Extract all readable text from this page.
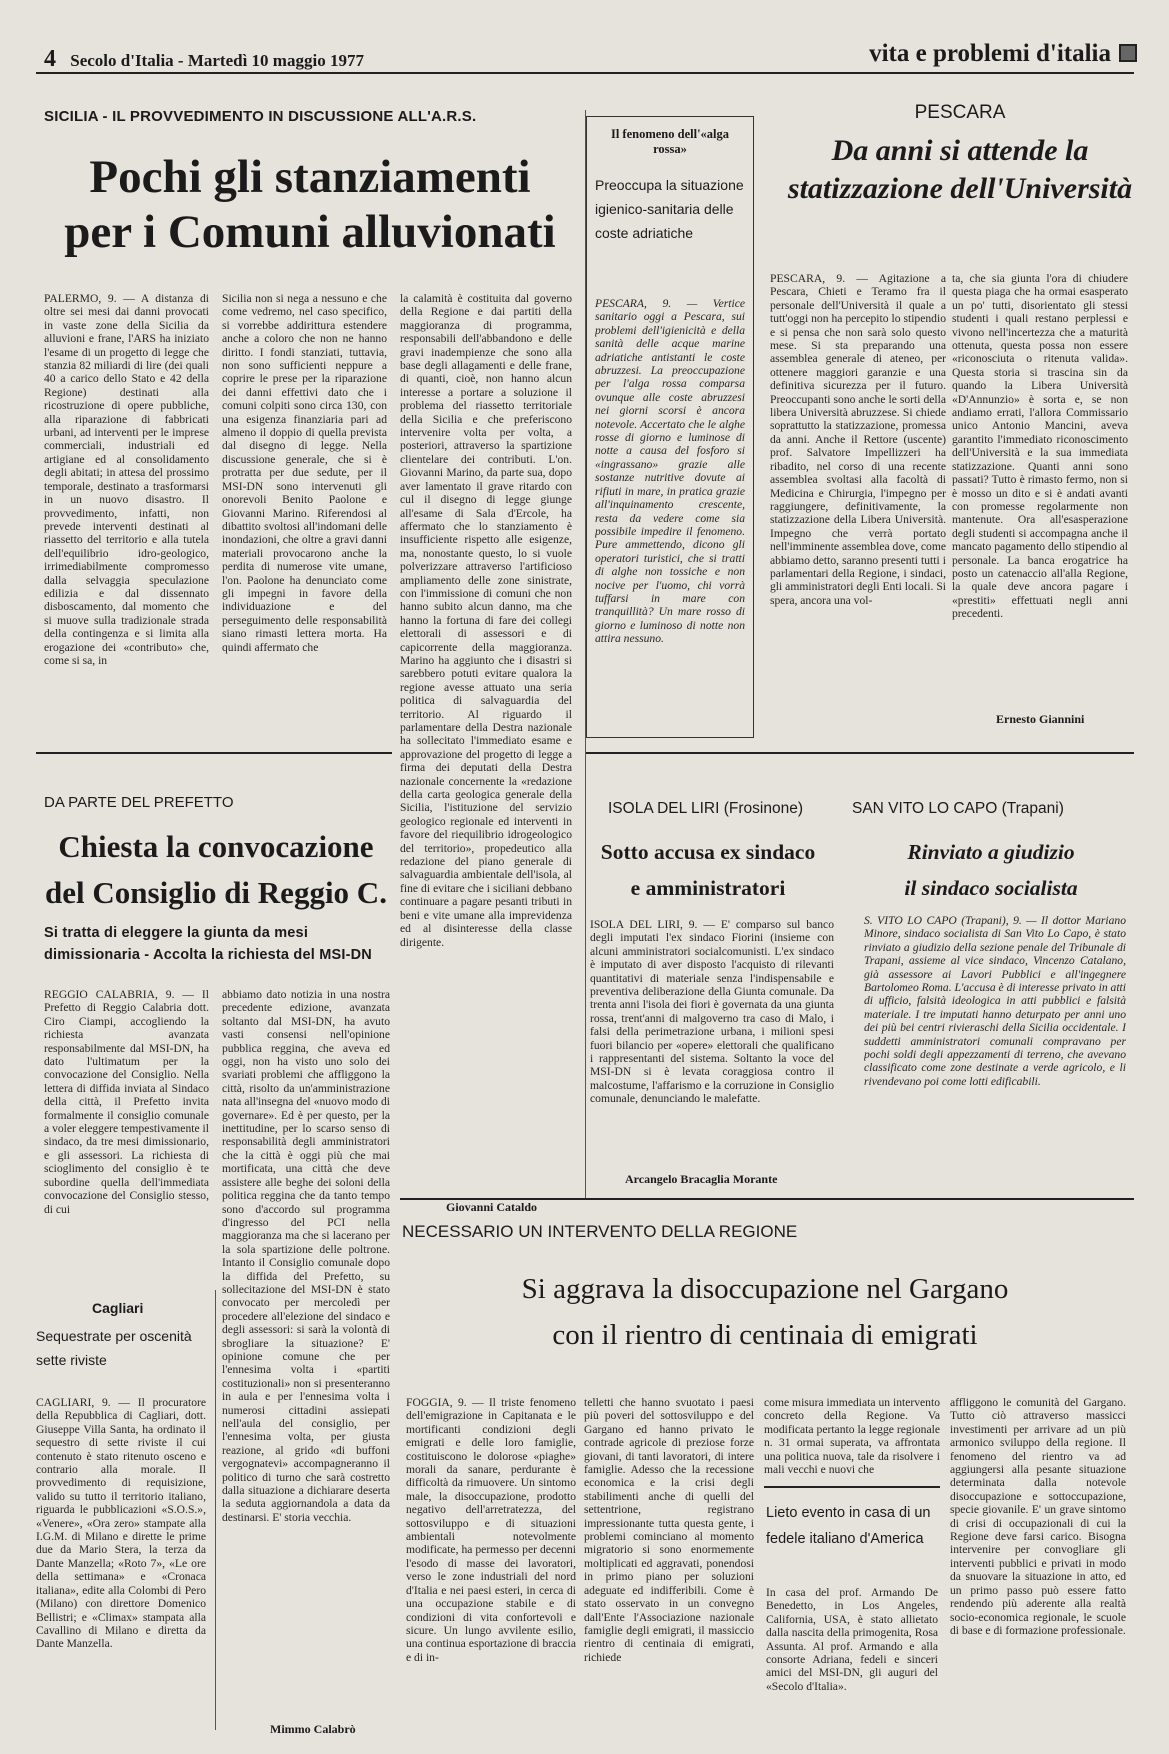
4 Secolo d'Italia - Martedì 10 maggio 1977	vita e problemi d'italia
SICILIA - IL PROVVEDIMENTO IN DISCUSSIONE ALL'A.R.S.
Pochi gli stanziamenti
per i Comuni alluvionati
PALERMO, 9. — A distanza di oltre sei mesi dai danni provocati in vaste zone della Sicilia da alluvioni e frane, l'ARS ha iniziato l'esame di un progetto di legge che stanzia 82 miliardi di lire (dei quali 40 a carico dello Stato e 42 della Regione) destinati alla ricostruzione di opere pubbliche, alla riparazione di fabbricati urbani, ad interventi per le imprese commerciali, industriali ed artigiane ed al consolidamento degli abitati; in attesa del prossimo temporale, destinato a trasformarsi in un nuovo disastro. Il provvedimento, infatti, non prevede interventi destinati al riassetto del territorio e alla tutela dell'equilibrio idro-geologico, irrimediabilmente compromesso dalla selvaggia speculazione edilizia e dal dissennato disboscamento, dal momento che si muove sulla tradizionale strada della contingenza e si limita alla erogazione dei «contributo» che, come si sa, in
Sicilia non si nega a nessuno e che come vedremo, nel caso specifico, si vorrebbe addirittura estendere anche a coloro che non ne hanno diritto. I fondi stanziati, tuttavia, non sono sufficienti neppure a coprire le prese per la riparazione dei danni effettivi dato che i comuni colpiti sono circa 130, con una esigenza finanziaria pari ad almeno il doppio di quella prevista dal disegno di legge. Nella discussione generale, che si è protratta per due sedute, per il MSI-DN sono intervenuti gli onorevoli Benito Paolone e Giovanni Marino. Riferendosi al dibattito svoltosi all'indomani delle inondazioni, che oltre a gravi danni materiali provocarono anche la perdita di numerose vite umane, l'on. Paolone ha denunciato come gli impegni in favore della individuazione e del perseguimento delle responsabilità siano rimasti lettera morta. Ha quindi affermato che
la calamità è costituita dal governo della Regione e dai partiti della maggioranza di programma, responsabili dell'abbandono e delle gravi inadempienze che sono alla base degli allagamenti e delle frane, di quanti, cioè, non hanno alcun interesse a portare a soluzione il problema del riassetto territoriale della Sicilia e che preferiscono intervenire volta per volta, a posteriori, attraverso la spartizione clientelare dei contributi. L'on. Giovanni Marino, da parte sua, dopo aver lamentato il grave ritardo con cul il disegno di legge giunge all'esame di Sala d'Ercole, ha affermato che lo stanziamento è insufficiente rispetto alle esigenze, ma, nonostante questo, lo si vuole polverizzare attraverso l'artificioso ampliamento delle zone sinistrate, con l'immissione di comuni che non hanno subito alcun danno, ma che hanno la fortuna di fare dei collegi elettorali di assessori e di capicorrente della maggioranza. Marino ha aggiunto che i disastri si sarebbero potuti evitare qualora la regione avesse attuato una seria politica di salvaguardia del territorio. Al riguardo il parlamentare della Destra nazionale ha sollecitato l'immediato esame e approvazione del progetto di legge a firma dei deputati della Destra nazionale concernente la «redazione della carta geologica generale della Sicilia, l'istituzione del servizio geologico regionale ed interventi in favore del riequilibrio idrogeologico del territorio», propedeutico alla redazione del piano generale di salvaguardia ambientale dell'isola, al fine di evitare che i siciliani debbano continuare a pagare pesanti tributi in beni e vite umane alla imprevidenza ed al disinteresse della classe dirigente.
Giovanni Cataldo
Il fenomeno dell'«alga rossa»
Preoccupa la situazione igienico-sanitaria delle coste adriatiche
PESCARA, 9. — Vertice sanitario oggi a Pescara, sui problemi dell'igienicità e della sanità delle acque marine adriatiche antistanti le coste abruzzesi. La preoccupazione per l'alga rossa comparsa ovunque alle coste abruzzesi nei giorni scorsi è ancora notevole. Accertato che le alghe rosse di giorno e luminose di notte a causa del fosforo si «ingrassano» grazie alle sostanze nutritive dovute ai rifiuti in mare, in pratica grazie all'inquinamento crescente, resta da vedere come sia possibile impedire il fenomeno. Pure ammettendo, dicono gli operatori turistici, che si tratti di alghe non tossiche e non nocive per l'uomo, chi vorrà tuffarsi in mare con tranquillità? Un mare rosso di giorno e luminoso di notte non attira nessuno.
PESCARA
Da anni si attende la statizzazione dell'Università
PESCARA, 9. — Agitazione a Pescara, Chieti e Teramo fra il personale dell'Università il quale a tutt'oggi non ha percepito lo stipendio e si pensa che non sarà solo questo mese. Si sta preparando una assemblea generale di ateneo, per ottenere maggiori garanzie e una definitiva sicurezza per il futuro. Preoccupanti sono anche le sorti della libera Università abruzzese. Si chiede soprattutto la statizzazione, promessa da anni. Anche il Rettore (uscente) prof. Salvatore Impellizzeri ha ribadito, nel corso di una recente assemblea svoltasi alla facoltà di Medicina e Chirurgia, l'impegno per raggiungere, definitivamente, la statizzazione della Libera Università. Impegno che verrà portato nell'imminente assemblea dove, come abbiamo detto, saranno presenti tutti i parlamentari della Regione, i sindaci, gli amministratori degli Enti locali. Si spera, ancora una vol-
ta, che sia giunta l'ora di chiudere questa piaga che ha ormai esasperato un po' tutti, disorientato gli stessi studenti i quali restano perplessi e vivono nell'incertezza che a maturità ottenuta, questa possa non essere «riconosciuta o ritenuta valida». Questa storia si trascina sin da quando la Libera Università «D'Annunzio» è sorta e, se non andiamo errati, l'allora Commissario unico Antonio Mancini, aveva garantito l'immediato riconoscimento dell'Università e la sua immediata statizzazione. Quanti anni sono passati? Tutto è rimasto fermo, non si è mosso un dito e si è andati avanti con promesse regolarmente non mantenute. Ora all'esasperazione degli studenti si accompagna anche il mancato pagamento dello stipendio al personale. La banca erogatrice ha posto un catenaccio all'alla Regione, la quale deve ancora pagare i «prestiti» effettuati negli anni precedenti.
Ernesto Giannini
DA PARTE DEL PREFETTO
Chiesta la convocazione
del Consiglio di Reggio C.
Si tratta di eleggere la giunta da mesi dimissionaria - Accolta la richiesta del MSI-DN
REGGIO CALABRIA, 9. — Il Prefetto di Reggio Calabria dott. Ciro Ciampi, accogliendo la richiesta avanzata responsabilmente dal MSI-DN, ha dato l'ultimatum per la convocazione del Consiglio. Nella lettera di diffida inviata al Sindaco della città, il Prefetto invita formalmente il consiglio comunale a voler eleggere tempestivamente il sindaco, da tre mesi dimissionario, e gli assessori. La richiesta di scioglimento del consiglio è te subordine quella dell'immediata convocazione del Consiglio stesso, di cui
abbiamo dato notizia in una nostra precedente edizione, avanzata soltanto dal MSI-DN, ha avuto vasti consensi nell'opinione pubblica reggina, che aveva ed oggi, non ha visto uno solo dei svariati problemi che affliggono la città, risolto da un'amministrazione nata all'insegna del «nuovo modo di governare». Ed è per questo, per la inettitudine, per lo scarso senso di responsabilità degli amministratori che la città è oggi più che mai mortificata, una città che deve assistere alle beghe dei soloni della politica reggina che da tanto tempo sono d'accordo sul programma d'ingresso del PCI nella maggioranza ma che si lacerano per la sola spartizione delle poltrone. Intanto il Consiglio comunale dopo la diffida del Prefetto, su sollecitazione del MSI-DN è stato convocato per mercoledì per procedere all'elezione del sindaco e degli assessori: si sarà la volontà di sbrogliare la situazione? E' opinione comune che per l'ennesima volta i «partiti costituzionali» non si presenteranno in aula e per l'ennesima volta i numerosi cittadini assiepati nell'aula del consiglio, per l'ennesima volta, per giusta reazione, al grido «di buffoni vergognatevi» accompagneranno il politico di turno che sarà costretto dalla situazione a dichiarare deserta la seduta aggiornandola a data da destinarsi. E' storia vecchia.
Mimmo Calabrò
Cagliari
Sequestrate per oscenità sette riviste
CAGLIARI, 9. — Il procuratore della Repubblica di Cagliari, dott. Giuseppe Villa Santa, ha ordinato il sequestro di sette riviste il cui contenuto è stato ritenuto osceno e contrario alla morale. Il provvedimento di requisizione, valido su tutto il territorio italiano, riguarda le pubblicazioni «S.O.S.», «Venere», «Ora zero» stampate alla I.G.M. di Milano e dirette le prime due da Mario Stera, la terza da Dante Manzella; «Roto 7», «Le ore della settimana» e «Cronaca italiana», edite alla Colombi di Pero (Milano) con direttore Domenico Bellistri; e «Climax» stampata alla Cavallino di Milano e diretta da Dante Manzella.
ISOLA DEL LIRI (Frosinone)
Sotto accusa ex sindaco
e amministratori
ISOLA DEL LIRI, 9. — E' comparso sul banco degli imputati l'ex sindaco Fiorini (insieme con alcuni amministratori socialcomunisti. L'ex sindaco è imputato di aver disposto l'acquisto di rilevanti quantitativi di materiale senza l'indispensabile e preventiva deliberazione della Giunta comunale. Da trenta anni l'isola dei fiori è governata da una giunta rossa, trent'anni di malgoverno tra caso di Malo, i falsi della perimetrazione urbana, i milioni spesi fuori bilancio per «opere» elettorali che qualificano i rappresentanti del sistema. Soltanto la voce del MSI-DN si è levata coraggiosa contro il malcostume, l'affarismo e la corruzione in Consiglio comunale, denunciando le malefatte.
Arcangelo Bracaglia Morante
SAN VITO LO CAPO (Trapani)
Rinviato a giudizio
il sindaco socialista
S. VITO LO CAPO (Trapani), 9. — Il dottor Mariano Minore, sindaco socialista di San Vito Lo Capo, è stato rinviato a giudizio della sezione penale del Tribunale di Trapani, assieme al vice sindaco, Vincenzo Catalano, già assessore ai Lavori Pubblici e all'ingegnere Bartolomeo Roma. L'accusa è di interesse privato in atti di ufficio, falsità ideologica in atti pubblici e falsità materiale. I tre imputati hanno deturpato per anni uno dei più bei centri rivieraschi della Sicilia occidentale. I suddetti amministratori comunali compravano per pochi soldi degli appezzamenti di terreno, che avevano classificato come zone destinate a verde agricolo, e li rivendevano poi come lotti edificabili.
NECESSARIO UN INTERVENTO DELLA REGIONE
Si aggrava la disoccupazione nel Gargano
con il rientro di centinaia di emigrati
FOGGIA, 9. — Il triste fenomeno dell'emigrazione in Capitanata e le mortificanti condizioni degli emigrati e delle loro famiglie, costituiscono le dolorose «piaghe» morali da sanare, perdurante è difficoltà da rimuovere. Un sintomo male, la disoccupazione, prodotto negativo dell'arretratezza, del sottosviluppo e di situazioni ambientali notevolmente modificate, ha permesso per decenni l'esodo di masse dei lavoratori, verso le zone industriali del nord d'Italia e nei paesi esteri, in cerca di una occupazione stabile e di condizioni di vita confortevoli e sicure. Un lungo avvilente esilio, una continua esportazione di braccia e di in-
telletti che hanno svuotato i paesi più poveri del sottosviluppo e del Gargano ed hanno privato le contrade agricole di preziose forze giovani, di tanti lavoratori, di intere famiglie. Adesso che la recessione economica e la crisi degli stabilimenti anche di quelli del settentrione, registrano impressionante tutta questa gente, i problemi cominciano al momento migratorio si sono enormemente moltiplicati ed aggravati, ponendosi in primo piano per soluzioni adeguate ed indifferibili. Come è stato osservato in un convegno dall'Ente l'Associazione nazionale famiglie degli emigrati, il massiccio rientro di centinaia di emigrati, richiede
come misura immediata un intervento concreto della Regione. Va modificata pertanto la legge regionale n. 31 ormai superata, va affrontata una politica nuova, tale da risolvere i mali vecchi e nuovi che
affliggono le comunità del Gargano. Tutto ciò attraverso massicci investimenti per arrivare ad un più armonico sviluppo della regione. Il fenomeno del rientro va ad aggiungersi alla pesante situazione determinata dalla notevole disoccupazione e sottoccupazione, specie giovanile. E' un grave sintomo di crisi di occupazionali di cui la Regione deve farsi carico. Bisogna intervenire per convogliare gli interventi pubblici e privati in modo da snuovare la situazione in atto, ed un primo passo può essere fatto rendendo più aderente alla realtà socio-economica regionale, le scuole di base e di formazione professionale.
Lieto evento in casa di un fedele italiano d'America
In casa del prof. Armando De Benedetto, in Los Angeles, California, USA, è stato allietato dalla nascita della primogenita, Rosa Assunta. Al prof. Armando e alla consorte Adriana, fedeli e sinceri amici del MSI-DN, gli auguri del «Secolo d'Italia».
